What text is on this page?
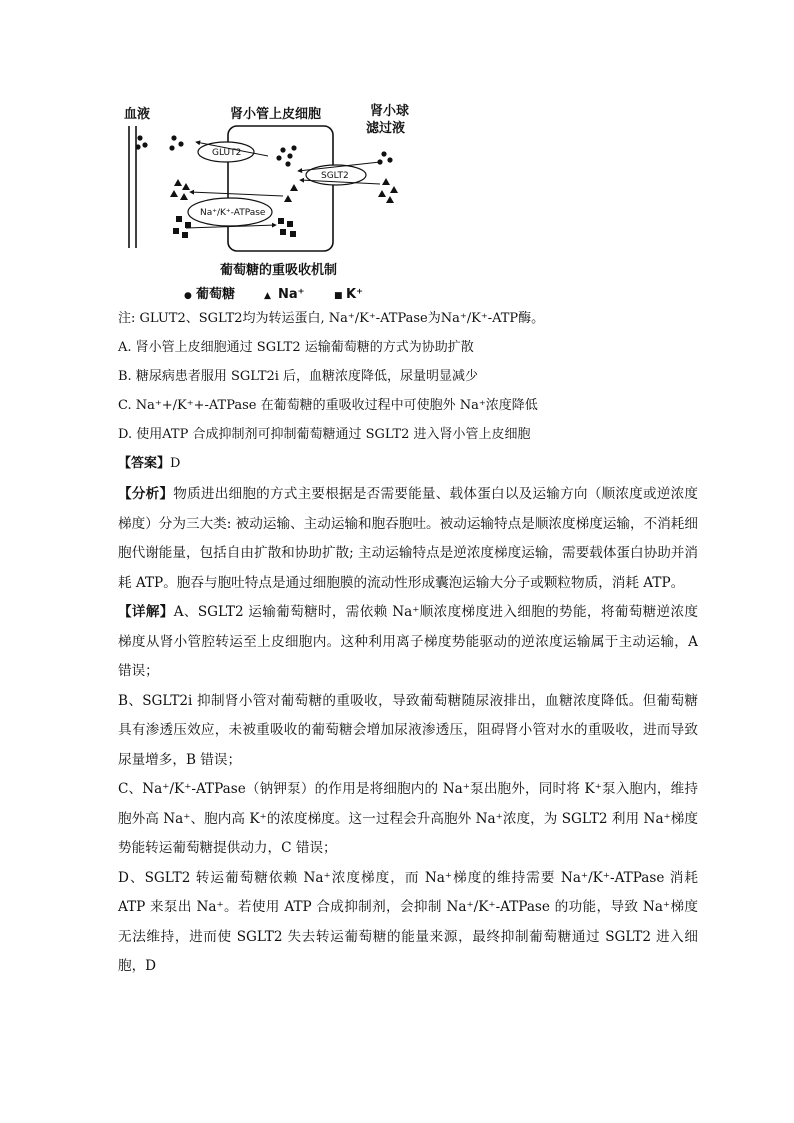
血液	肾小管上皮细胞	肾小球
滤过液
GLUT2
SGLT2
Na⁺/K⁺-ATPase
葡萄糖的重吸收机制
● 葡萄糖	▲ Na⁺	■ K⁺

注: GLUT2、SGLT2均为转运蛋白, Na⁺/K⁺-ATPase为Na⁺/K⁺-ATP酶。

A. 肾小管上皮细胞通过 SGLT2 运输葡萄糖的方式为协助扩散

B. 糖尿病患者服用 SGLT2i 后，血糖浓度降低，尿量明显减少

C. Na⁺+/K⁺+-ATPase 在葡萄糖的重吸收过程中可使胞外 Na⁺浓度降低

D. 使用ATP 合成抑制剂可抑制葡萄糖通过 SGLT2 进入肾小管上皮细胞

【答案】D

【分析】物质进出细胞的方式主要根据是否需要能量、载体蛋白以及运输方向（顺浓度或逆浓度梯度）分为三大类: 被动运输、主动运输和胞吞胞吐。被动运输特点是顺浓度梯度运输，不消耗细胞代谢能量，包括自由扩散和协助扩散; 主动运输特点是逆浓度梯度运输，需要载体蛋白协助并消耗 ATP。胞吞与胞吐特点是通过细胞膜的流动性形成囊泡运输大分子或颗粒物质，消耗 ATP。

【详解】A、SGLT2 运输葡萄糖时，需依赖 Na⁺顺浓度梯度进入细胞的势能，将葡萄糖逆浓度梯度从肾小管腔转运至上皮细胞内。这种利用离子梯度势能驱动的逆浓度运输属于主动运输，A 错误；

B、SGLT2i 抑制肾小管对葡萄糖的重吸收，导致葡萄糖随尿液排出，血糖浓度降低。但葡萄糖具有渗透压效应，未被重吸收的葡萄糖会增加尿液渗透压，阻碍肾小管对水的重吸收，进而导致尿量增多，B 错误；

C、Na⁺/K⁺-ATPase（钠钾泵）的作用是将细胞内的 Na⁺泵出胞外，同时将 K⁺泵入胞内，维持胞外高 Na⁺、胞内高 K⁺的浓度梯度。这一过程会升高胞外 Na⁺浓度，为 SGLT2 利用 Na⁺梯度势能转运葡萄糖提供动力，C 错误；

D、SGLT2 转运葡萄糖依赖 Na⁺浓度梯度，而 Na⁺梯度的维持需要 Na⁺/K⁺-ATPase 消耗 ATP 来泵出 Na⁺。若使用 ATP 合成抑制剂，会抑制 Na⁺/K⁺-ATPase 的功能，导致 Na⁺梯度无法维持，进而使 SGLT2 失去转运葡萄糖的能量来源，最终抑制葡萄糖通过 SGLT2 进入细胞，D
